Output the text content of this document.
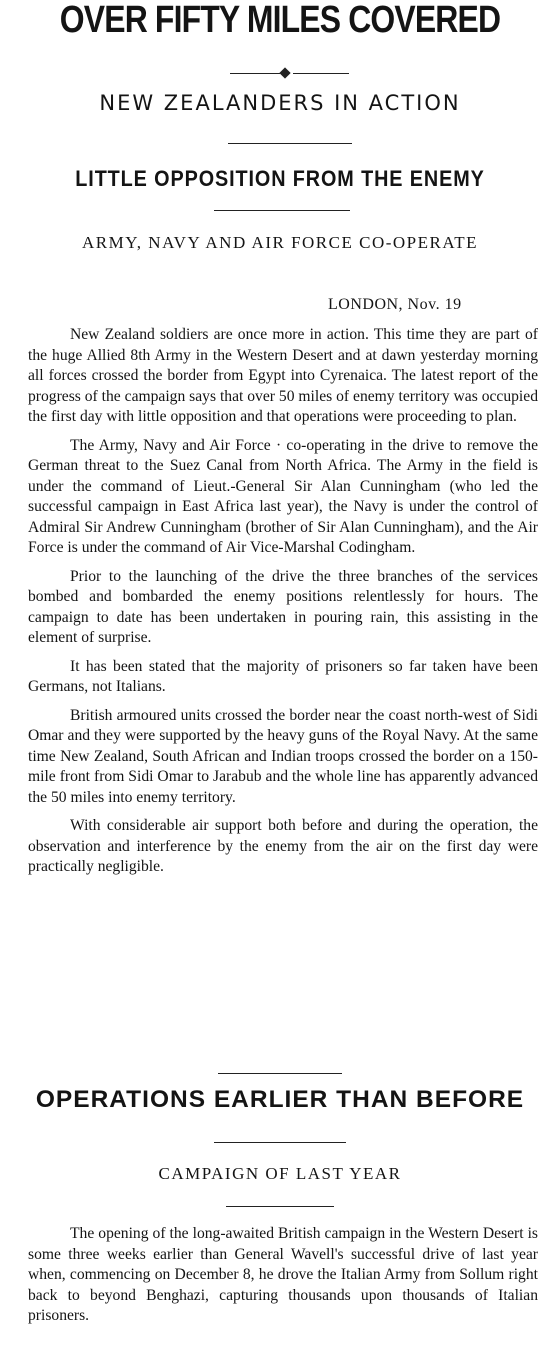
OVER FIFTY MILES COVERED
NEW ZEALANDERS IN ACTION
LITTLE OPPOSITION FROM THE ENEMY
ARMY, NAVY AND AIR FORCE CO-OPERATE
LONDON, Nov. 19

New Zealand soldiers are once more in action. This time they are part of the huge Allied 8th Army in the Western Desert and at dawn yesterday morning all forces crossed the border from Egypt into Cyrenaica. The latest report of the progress of the campaign says that over 50 miles of enemy territory was occupied the first day with little opposition and that operations were proceeding to plan.

The Army, Navy and Air Force · co-operating in the drive to remove the German threat to the Suez Canal from North Africa. The Army in the field is under the command of Lieut.-General Sir Alan Cunningham (who led the successful campaign in East Africa last year), the Navy is under the control of Admiral Sir Andrew Cunningham (brother of Sir Alan Cunningham), and the Air Force is under the command of Air Vice-Marshal Codingham.

Prior to the launching of the drive the three branches of the services bombed and bombarded the enemy positions relentlessly for hours. The campaign to date has been undertaken in pouring rain, this assisting in the element of surprise.

It has been stated that the majority of prisoners so far taken have been Germans, not Italians.

British armoured units crossed the border near the coast north-west of Sidi Omar and they were supported by the heavy guns of the Royal Navy. At the same time New Zealand, South African and Indian troops crossed the border on a 150-mile front from Sidi Omar to Jarabub and the whole line has apparently advanced the 50 miles into enemy territory.

With considerable air support both before and during the operation, the observation and interference by the enemy from the air on the first day were practically negligible.

OPERATIONS EARLIER THAN BEFORE
CAMPAIGN OF LAST YEAR

The opening of the long-awaited British campaign in the Western Desert is some three weeks earlier than General Wavell's successful drive of last year when, commencing on December 8, he drove the Italian Army from Sollum right back to beyond Benghazi, capturing thousands upon thousands of Italian prisoners.
